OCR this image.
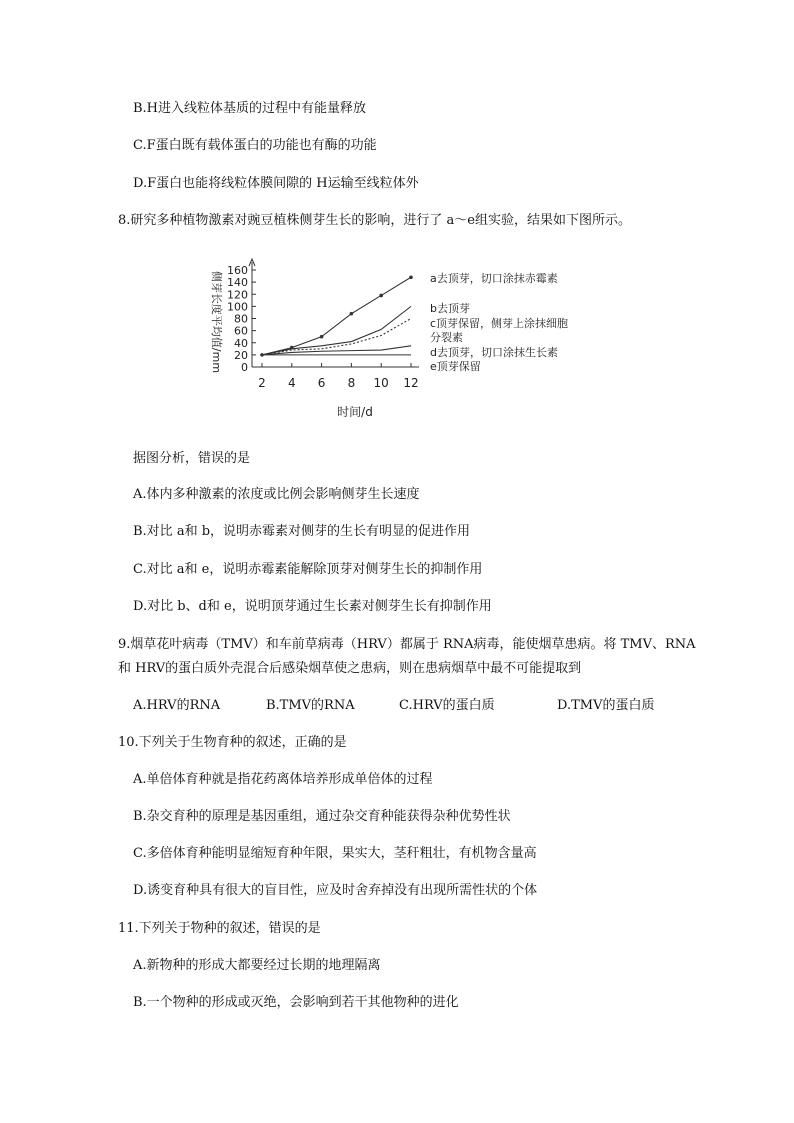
B.H进入线粒体基质的过程中有能量释放
C.F蛋白既有载体蛋白的功能也有酶的功能
D.F蛋白也能将线粒体膜间隙的 H运输至线粒体外
8.研究多种植物激素对豌豆植株侧芽生长的影响，进行了 a～e组实验，结果如下图所示。
侧芽长度平均值/mm 0
20
40
60
80
100
120
140
160
2 4 6 8 10 12
a去顶芽，切口涂抹赤霉素
b去顶芽
c顶芽保留，侧芽上涂抹细胞
分裂素
d去顶芽，切口涂抹生长素
e顶芽保留
时间/d
据图分析，错误的是
A.体内多种激素的浓度或比例会影响侧芽生长速度
B.对比 a和 b，说明赤霉素对侧芽的生长有明显的促进作用
C.对比 a和 e，说明赤霉素能解除顶芽对侧芽生长的抑制作用
D.对比 b、d和 e，说明顶芽通过生长素对侧芽生长有抑制作用
9.烟草花叶病毒（TMV）和车前草病毒（HRV）都属于 RNA病毒，能使烟草患病。将 TMV、RNA
和 HRV的蛋白质外壳混合后感染烟草使之患病，则在患病烟草中最不可能提取到
A.HRV的RNA	B.TMV的RNA	C.HRV的蛋白质	D.TMV的蛋白质
10.下列关于生物育种的叙述，正确的是
A.单倍体育种就是指花药离体培养形成单倍体的过程
B.杂交育种的原理是基因重组，通过杂交育种能获得杂种优势性状
C.多倍体育种能明显缩短育种年限，果实大，茎秆粗壮，有机物含量高
D.诱变育种具有很大的盲目性，应及时舍弃掉没有出现所需性状的个体
11.下列关于物种的叙述，错误的是
A.新物种的形成大都要经过长期的地理隔离
B.一个物种的形成或灭绝，会影响到若干其他物种的进化
